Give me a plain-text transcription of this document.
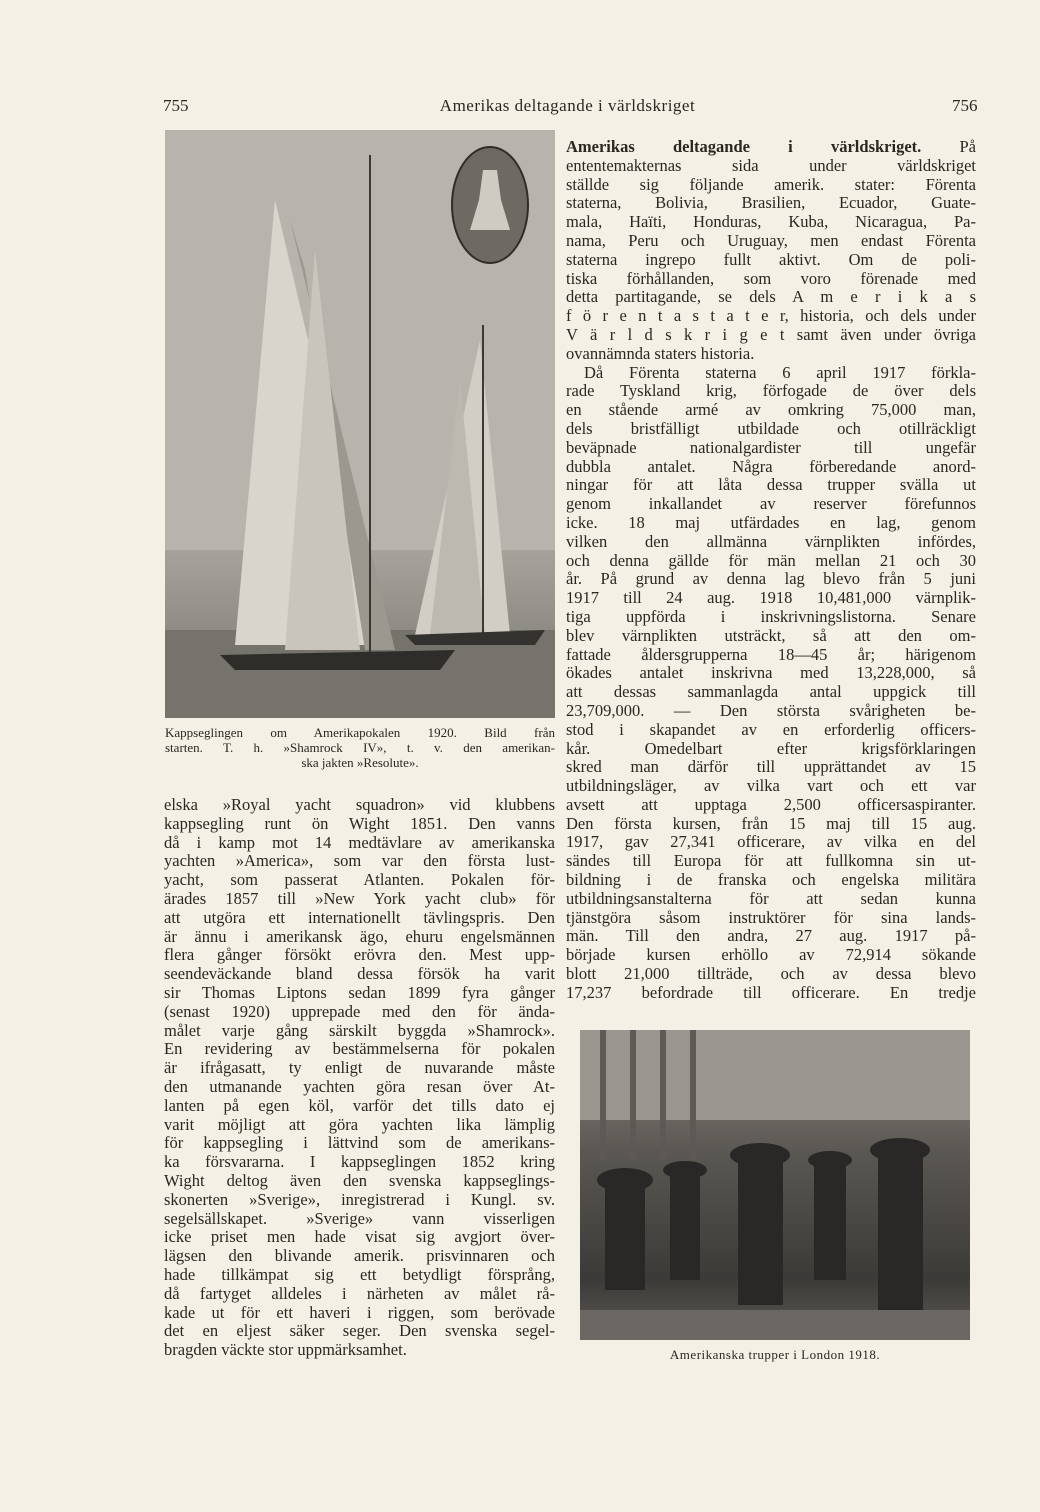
755	Amerikas deltagande i världskriget	756
Kappseglingen om Amerikapokalen 1920. Bild från
starten. T. h. »Shamrock IV», t. v. den amerikan-
ska jakten »Resolute».
elska »Royal yacht squadron» vid klubbens
kappsegling runt ön Wight 1851. Den vanns
då i kamp mot 14 medtävlare av amerikanska
yachten »America», som var den första lust-
yacht, som passerat Atlanten. Pokalen för-
ärades 1857 till »New York yacht club» för
att utgöra ett internationellt tävlingspris. Den
är ännu i amerikansk ägo, ehuru engelsmännen
flera gånger försökt erövra den. Mest upp-
seendeväckande bland dessa försök ha varit
sir Thomas Liptons sedan 1899 fyra gånger
(senast 1920) upprepade med den för ända-
målet varje gång särskilt byggda »Shamrock».
En revidering av bestämmelserna för pokalen
är ifrågasatt, ty enligt de nuvarande måste
den utmanande yachten göra resan över At-
lanten på egen köl, varför det tills dato ej
varit möjligt att göra yachten lika lämplig
för kappsegling i lättvind som de amerikans-
ka försvararna. I kappseglingen 1852 kring
Wight deltog även den svenska kappseglings-
skonerten »Sverige», inregistrerad i Kungl. sv.
segelsällskapet. »Sverige» vann visserligen
icke priset men hade visat sig avgjort över-
lägsen den blivande amerik. prisvinnaren och
hade tillkämpat sig ett betydligt försprång,
då fartyget alldeles i närheten av målet rå-
kade ut för ett haveri i riggen, som berövade
det en eljest säker seger. Den svenska segel-
bragden väckte stor uppmärksamhet.
Amerikas deltagande i världskriget. På
ententemakternas sida under världskriget
ställde sig följande amerik. stater: Förenta
staterna, Bolivia, Brasilien, Ecuador, Guate-
mala, Haïti, Honduras, Kuba, Nicaragua, Pa-
nama, Peru och Uruguay, men endast Förenta
staterna ingrepo fullt aktivt. Om de poli-
tiska förhållanden, som voro förenade med
detta partitagande, se dels A m e r i k a s
f ö r e n t a s t a t e r, historia, och dels under
V ä r l d s k r i g e t samt även under övriga
ovannämnda staters historia.
Då Förenta staterna 6 april 1917 förkla-
rade Tyskland krig, förfogade de över dels
en stående armé av omkring 75,000 man,
dels bristfälligt utbildade och otillräckligt
beväpnade nationalgardister till ungefär
dubbla antalet. Några förberedande anord-
ningar för att låta dessa trupper svälla ut
genom inkallandet av reserver förefunnos
icke. 18 maj utfärdades en lag, genom
vilken den allmänna värnplikten infördes,
och denna gällde för män mellan 21 och 30
år. På grund av denna lag blevo från 5 juni
1917 till 24 aug. 1918 10,481,000 värnplik-
tiga uppförda i inskrivningslistorna. Senare
blev värnplikten utsträckt, så att den om-
fattade åldersgrupperna 18—45 år; härigenom
ökades antalet inskrivna med 13,228,000, så
att dessas sammanlagda antal uppgick till
23,709,000. — Den största svårigheten be-
stod i skapandet av en erforderlig officers-
kår. Omedelbart efter krigsförklaringen
skred man därför till upprättandet av 15
utbildningsläger, av vilka vart och ett var
avsett att upptaga 2,500 officersaspiranter.
Den första kursen, från 15 maj till 15 aug.
1917, gav 27,341 officerare, av vilka en del
sändes till Europa för att fullkomna sin ut-
bildning i de franska och engelska militära
utbildningsanstalterna för att sedan kunna
tjänstgöra såsom instruktörer för sina lands-
män. Till den andra, 27 aug. 1917 på-
började kursen erhöllo av 72,914 sökande
blott 21,000 tillträde, och av dessa blevo
17,237 befordrade till officerare. En tredje
Amerikanska trupper i London 1918.
